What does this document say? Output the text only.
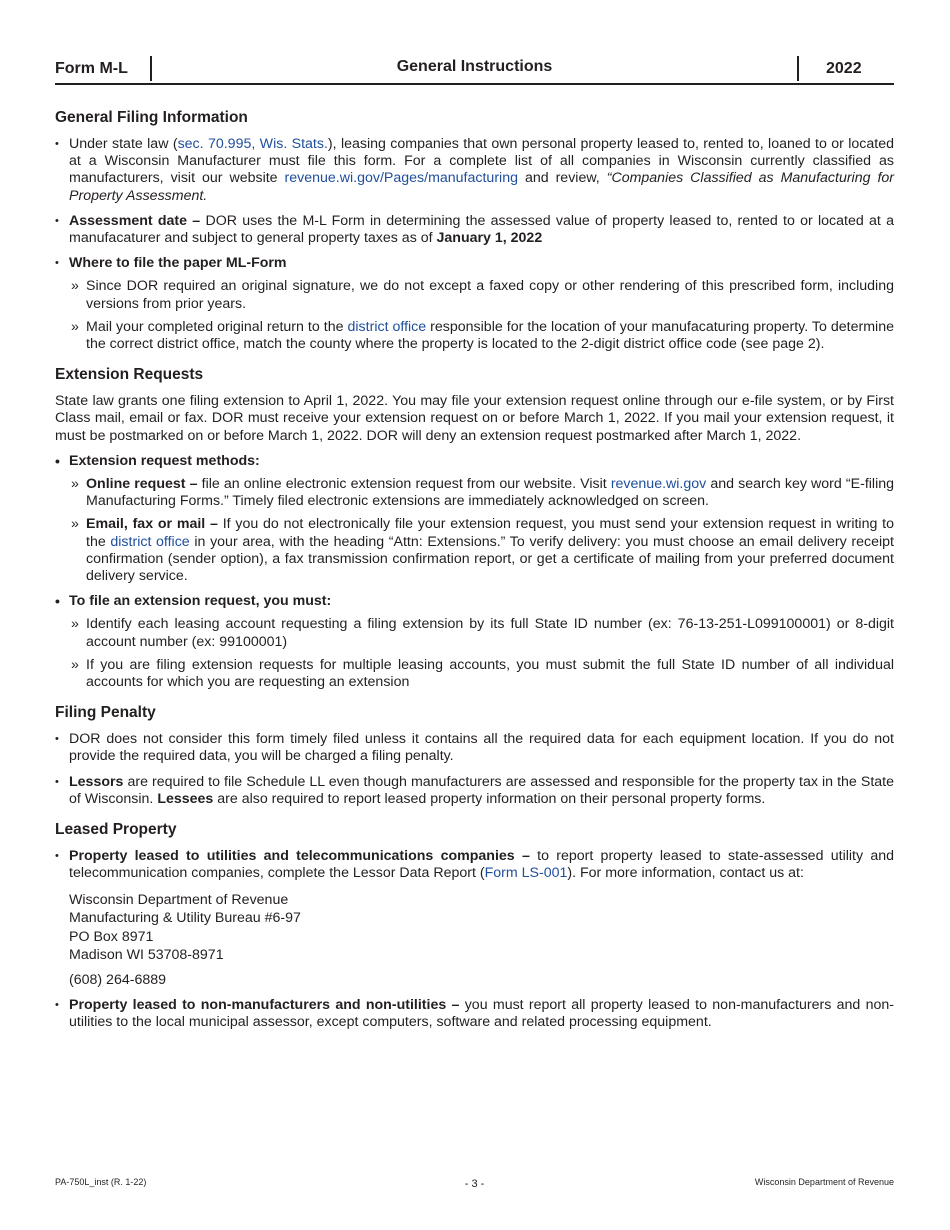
Form M-L	General Instructions	2022
General Filing Information
• Under state law (sec. 70.995, Wis. Stats.), leasing companies that own personal property leased to, rented to, loaned to or located at a Wisconsin Manufacturer must file this form. For a complete list of all companies in Wisconsin currently classified as manufacturers, visit our website revenue.wi.gov/Pages/manufacturing and review, “Companies Classified as Manufacturing for Property Assessment.
• Assessment date – DOR uses the M-L Form in determining the assessed value of property leased to, rented to or located at a manufacaturer and subject to general property taxes as of January 1, 2022
• Where to file the paper ML-Form
» Since DOR required an original signature, we do not except a faxed copy or other rendering of this prescribed form, including versions from prior years.
» Mail your completed original return to the district office responsible for the location of your manufacaturing property. To determine the correct district office, match the county where the property is located to the 2-digit district office code (see page 2).
Extension Requests

State law grants one filing extension to April 1, 2022. You may file your extension request online through our e-file system, or by First Class mail, email or fax. DOR must receive your extension request on or before March 1, 2022. If you mail your extension request, it must be postmarked on or before March 1, 2022. DOR will deny an extension request postmarked after March 1, 2022.

• Extension request methods:
» Online request – file an online electronic extension request from our website. Visit revenue.wi.gov and search key word “E-filing Manufacturing Forms.” Timely filed electronic extensions are immediately acknowledged on screen.
» Email, fax or mail – If you do not electronically file your extension request, you must send your extension request in writing to the district office in your area, with the heading “Attn: Extensions.” To verify delivery: you must choose an email delivery receipt confirmation (sender option), a fax transmission confirmation report, or get a certificate of mailing from your preferred document delivery service.
• To file an extension request, you must:
» Identify each leasing account requesting a filing extension by its full State ID number (ex: 76-13-251-L099100001) or 8-digit account number (ex: 99100001)
» If you are filing extension requests for multiple leasing accounts, you must submit the full State ID number of all individual accounts for which you are requesting an extension
Filing Penalty
• DOR does not consider this form timely filed unless it contains all the required data for each equipment location. If you do not provide the required data, you will be charged a filing penalty.
• Lessors are required to file Schedule LL even though manufacturers are assessed and responsible for the property tax in the State of Wisconsin. Lessees are also required to report leased property information on their personal property forms.
Leased Property
• Property leased to utilities and telecommunications companies – to report property leased to state-assessed utility and telecommunication companies, complete the Lessor Data Report (Form LS-001). For more information, contact us at:
Wisconsin Department of Revenue
Manufacturing & Utility Bureau #6-97
PO Box 8971
Madison WI 53708-8971
(608) 264-6889
• Property leased to non-manufacturers and non-utilities – you must report all property leased to non-manufacturers and non-utilities to the local municipal assessor, except computers, software and related processing equipment.
PA-750L_inst (R. 1-22)	- 3 -	Wisconsin Department of Revenue
